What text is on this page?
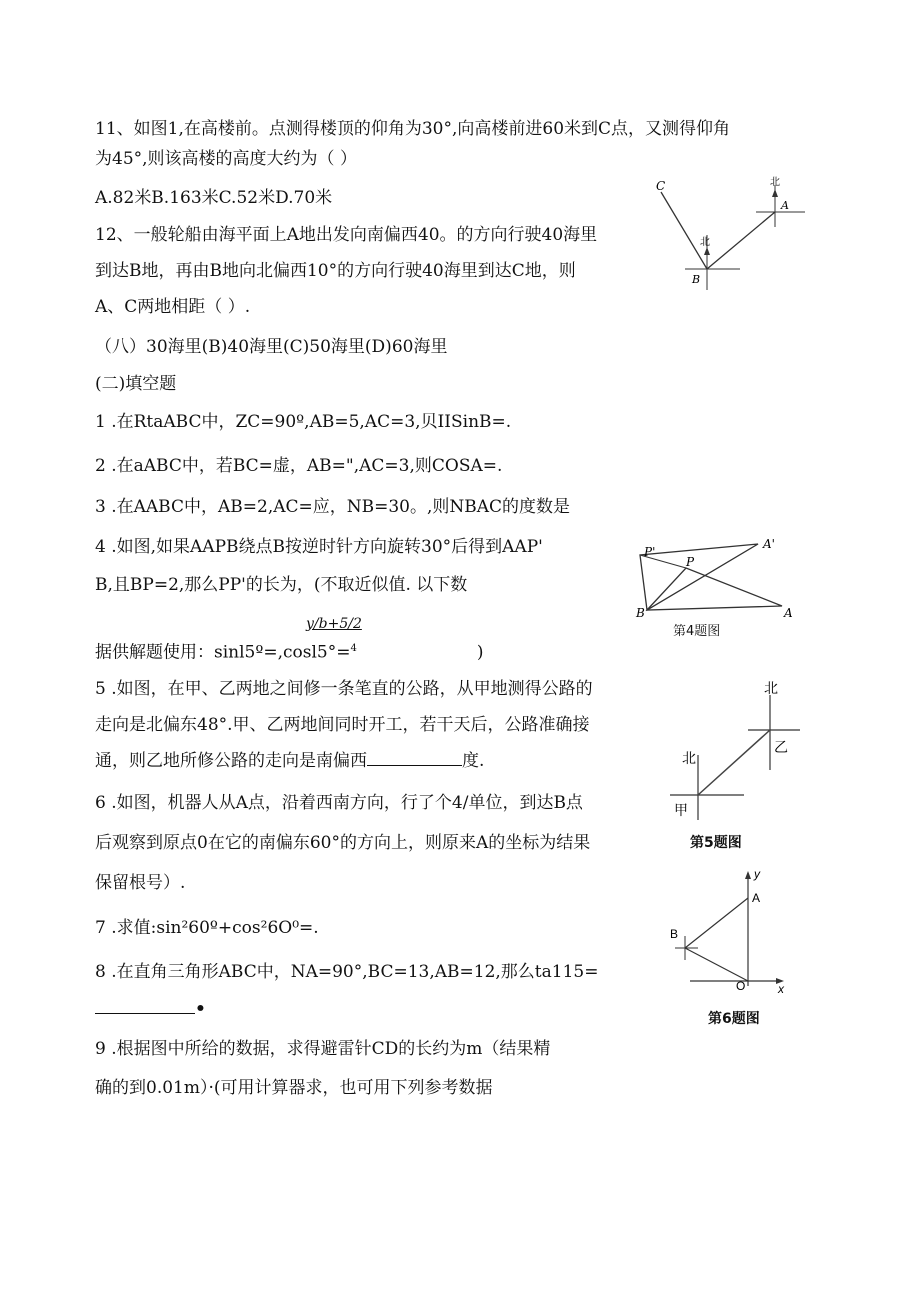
11、如图1,在高楼前。点测得楼顶的仰角为30°,向高楼前进60米到C点，又测得仰角
为45°,则该高楼的高度大约为（ ）
A.82米B.163米C.52米D.70米
12、一般轮船由海平面上A地出发向南偏西40。的方向行驶40海里
到达B地，再由B地向北偏西10°的方向行驶40海里到达C地，则
A、C两地相距（ ）.
（八）30海里(B)40海里(C)50海里(D)60海里
C
A
B
北
北
(二)填空题
1 .在RtaABC中，ZC=90º,AB=5,AC=3,贝IISinB=.
2 .在aABC中，若BC=虚，AB=",AC=3,则COSA=.
3 .在AABC中，AB=2,AC=应，NB=30。,则NBAC的度数是
4 .如图,如果AAPB绕点B按逆时针方向旋转30°后得到AAP'
B,且BP=2,那么PP'的长为，(不取近似值. 以下数
y/b+5/2
据供解题使用：sinl5º=,cosl5°=$^4$	)
P'
A'
P
B	A
第4题图
5 .如图，在甲、乙两地之间修一条笔直的公路，从甲地测得公路的
走向是北偏东48°.甲、乙两地间同时开工，若干天后，公路准确接
通，则乙地所修公路的走向是南偏西	度.
北
北
乙
甲
第5题图
6 .如图，机器人从A点，沿着西南方向，行了个4/单位，到达B点
后观察到原点0在它的南偏东60°的方向上，则原来A的坐标为结果
保留根号）.	y
A
B
O	x
第6题图
7 .求值:sin²60º+cos²6O⁰=.
8 .在直角三角形ABC中，NA=90°,BC=13,AB=12,那么ta115=
•
9 .根据图中所给的数据，求得避雷针CD的长约为m（结果精
确的到0.01m）·(可用计算器求，也可用下列参考数据
